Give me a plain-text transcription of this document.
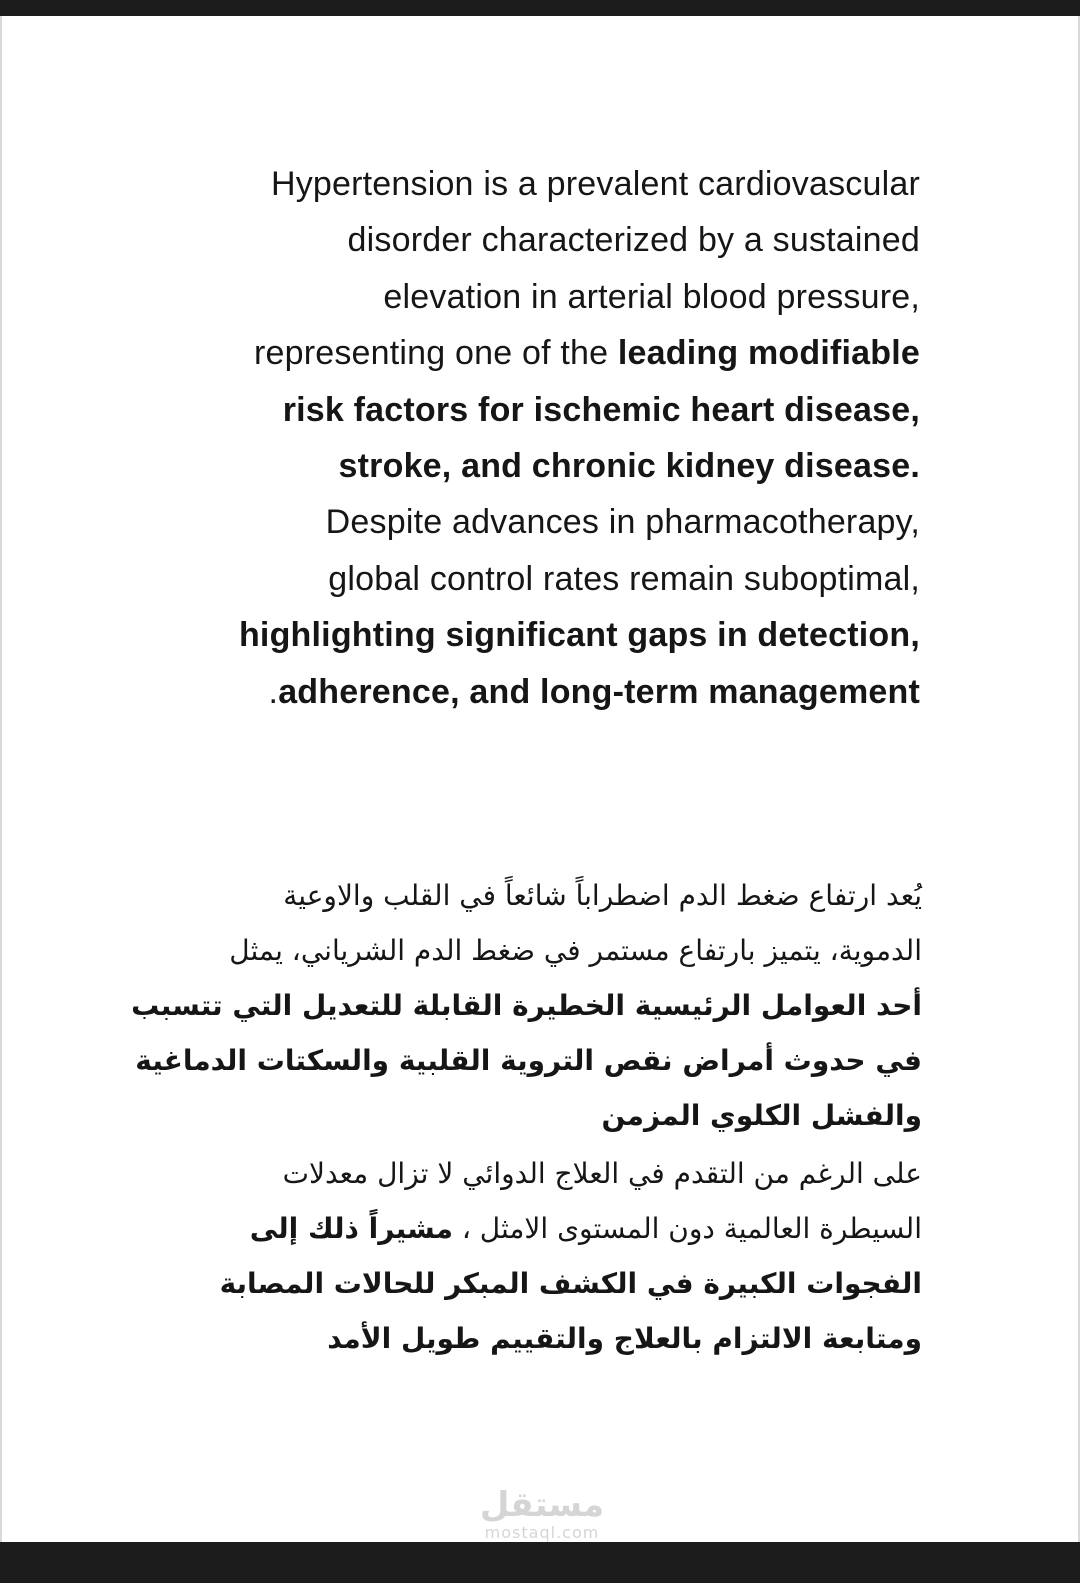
Hypertension is a prevalent cardiovascular
disorder characterized by a sustained
elevation in arterial blood pressure,
representing one of the leading modifiable
risk factors for ischemic heart disease,
stroke, and chronic kidney disease.
Despite advances in pharmacotherapy,
global control rates remain suboptimal,
highlighting significant gaps in detection,
.adherence, and long-term management
يُعد ارتفاع ضغط الدم اضطراباً شائعاً في القلب والاوعية
الدموية، يتميز بارتفاع مستمر في ضغط الدم الشرياني، يمثل
أحد العوامل الرئيسية الخطيرة القابلة للتعديل التي تتسبب
في حدوث أمراض نقص التروية القلبية والسكتات الدماغية
والفشل الكلوي المزمن
على الرغم من التقدم في العلاج الدوائي لا تزال معدلات
السيطرة العالمية دون المستوى الامثل ، مشيراً ذلك إلى
الفجوات الكبيرة في الكشف المبكر للحالات المصابة
ومتابعة الالتزام بالعلاج والتقييم طويل الأمد
مستقل
mostaql.com
